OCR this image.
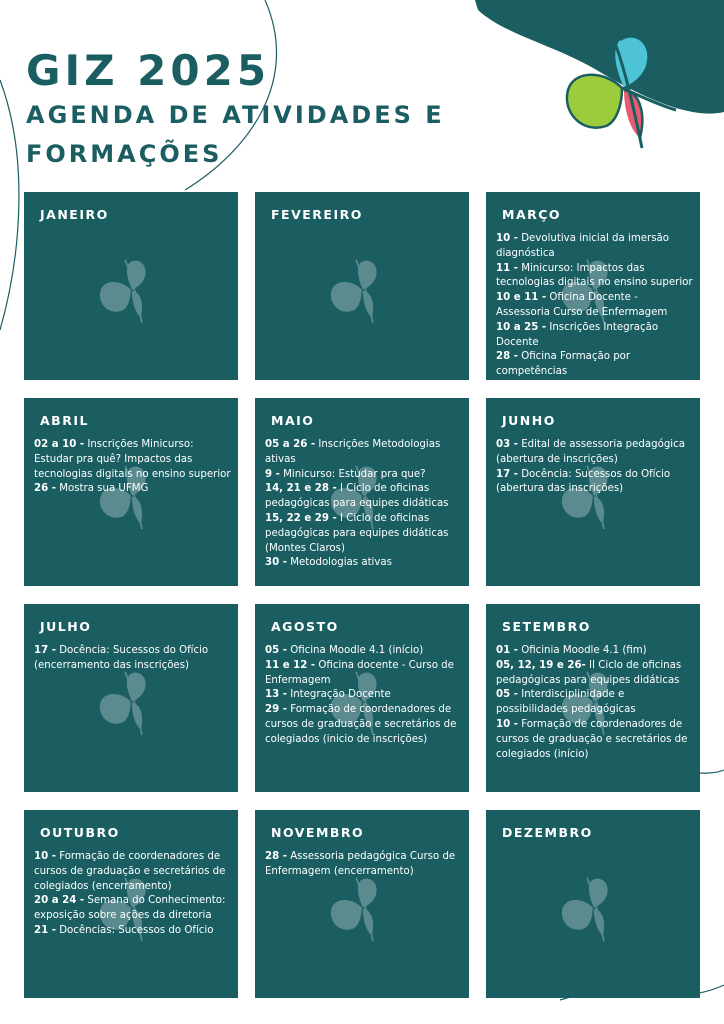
GIZ 2025
AGENDA DE ATIVIDADES E FORMAÇÕES
JANEIRO	FEVEREIRO	MARÇO
10 - Devolutiva inicial da imersão diagnóstica
11 - Minicurso: Impactos das tecnologias digitais no ensino superior
10 e 11 - Oficina Docente - Assessoria Curso de Enfermagem
10 a 25 - Inscrições Integração Docente
28 - Oficina Formação por competências
ABRIL
02 a 10 - Inscrições Minicurso: Estudar pra quê? Impactos das tecnologias digitais no ensino superior
26 - Mostra sua UFMG
MAIO
05 a 26 - Inscrições Metodologias ativas
9 - Minicurso: Estudar pra que?
14, 21 e 28 - I Ciclo de oficinas pedagógicas para equipes didáticas
15, 22 e 29 - I Ciclo de oficinas pedagógicas para equipes didáticas (Montes Claros)
30 - Metodologias ativas
JUNHO
03 - Edital de assessoria pedagógica (abertura de inscrições)
17 - Docência: Sucessos do Ofício (abertura das inscrições)
JULHO
17 - Docência: Sucessos do Ofício (encerramento das inscrições)
AGOSTO
05 - Oficina Moodle 4.1 (início)
11 e 12 - Oficina docente - Curso de Enfermagem
13 - Integração Docente
29 - Formação de coordenadores de cursos de graduação e secretários de colegiados (inicio de inscrições)
SETEMBRO
01 - Oficinia Moodle 4.1 (fim)
05, 12, 19 e 26- II Ciclo de oficinas pedagógicas para equipes didáticas
05 - Interdisciplinidade e possibilidades pedagógicas
10 - Formação de coordenadores de cursos de graduação e secretários de colegiados (início)
OUTUBRO
10 - Formação de coordenadores de cursos de graduação e secretários de colegiados (encerramento)
20 a 24 - Semana do Conhecimento: exposição sobre ações da diretoria
21 - Docências: Sucessos do Ofício
NOVEMBRO
28 - Assessoria pedagógica Curso de Enfermagem (encerramento)
DEZEMBRO
